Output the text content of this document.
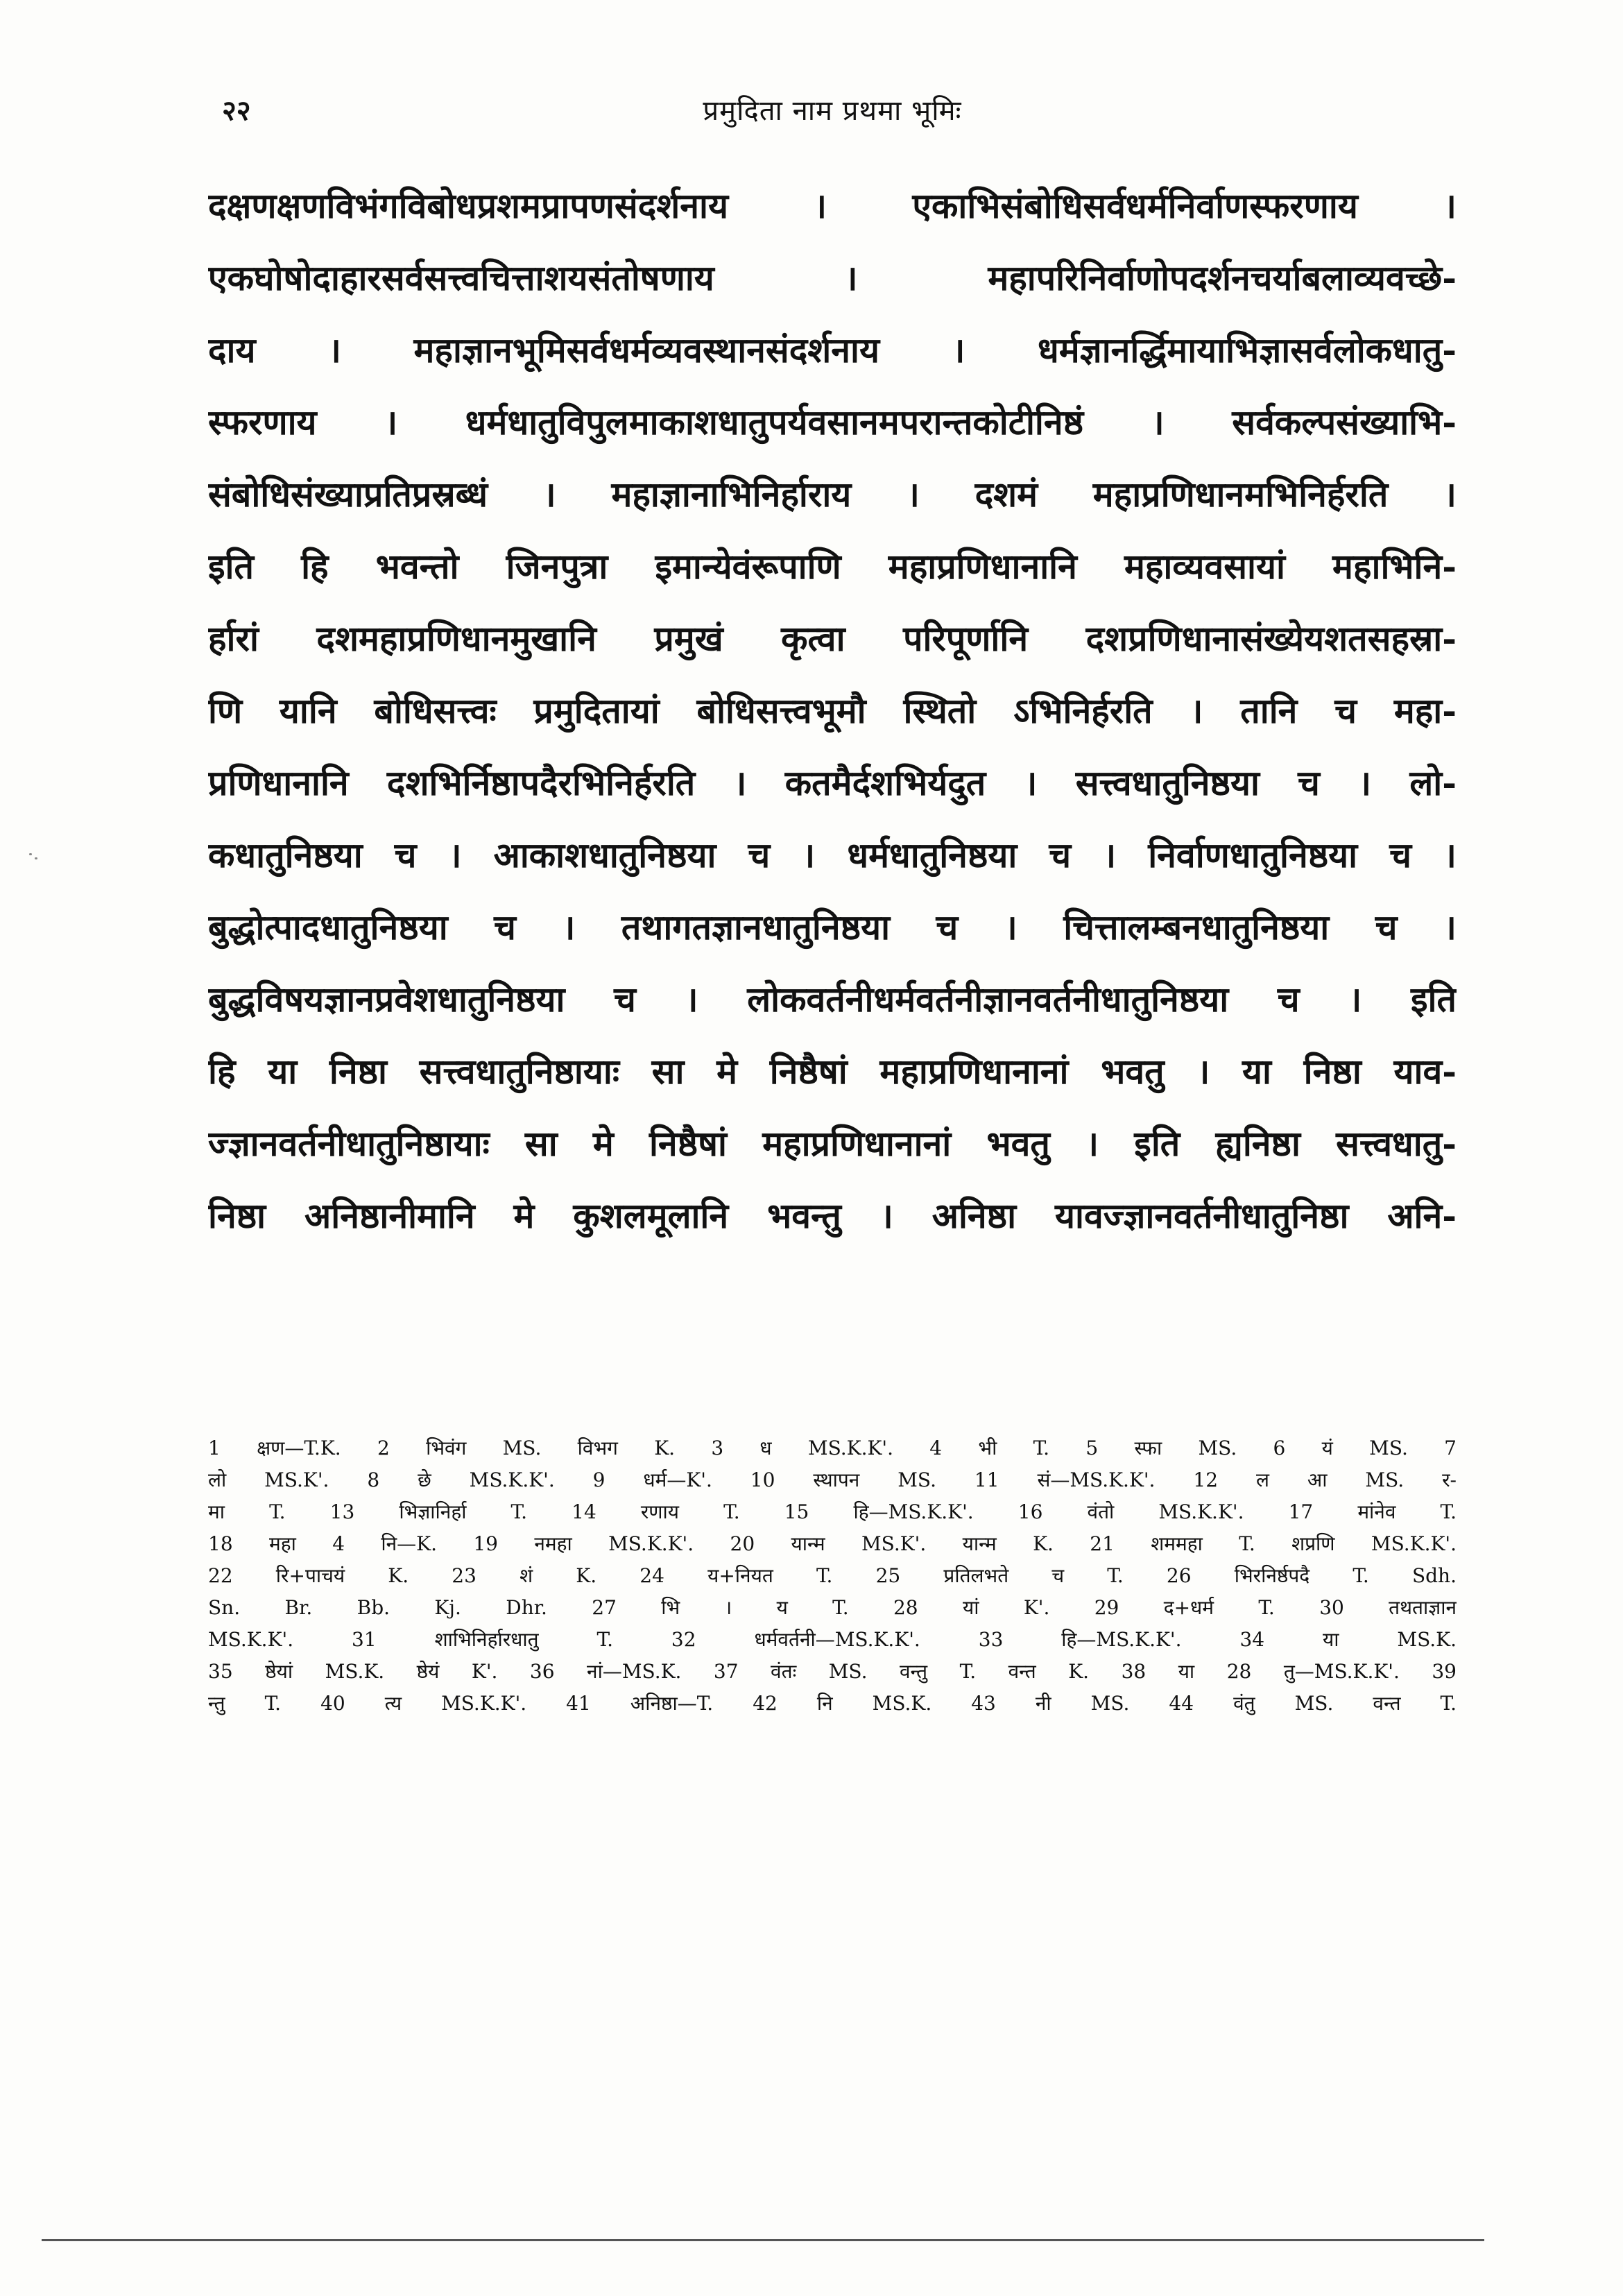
२२	प्रमुदिता नाम प्रथमा भूमिः
दक्षणक्षणविभंगविबोधप्रशमप्रापणसंदर्शनाय । एकाभिसंबोधिसर्वधर्मनिर्वाणस्फरणाय ।
एकघोषोदाहारसर्वसत्त्वचित्ताशयसंतोषणाय । महापरिनिर्वाणोपदर्शनचर्याबलाव्यवच्छे-
दाय । महाज्ञानभूमिसर्वधर्मव्यवस्थानसंदर्शनाय । धर्मज्ञानर्द्धिमायाभिज्ञासर्वलोकधातु-
स्फरणाय । धर्मधातुविपुलमाकाशधातुपर्यवसानमपरान्तकोटीनिष्ठं । सर्वकल्पसंख्याभि-
संबोधिसंख्याप्रतिप्रस्रब्धं । महाज्ञानाभिनिर्हाराय । दशमं महाप्रणिधानमभिनिर्हरति ।
इति हि भवन्तो जिनपुत्रा इमान्येवंरूपाणि महाप्रणिधानानि महाव्यवसायां महाभिनि-
र्हारां दशमहाप्रणिधानमुखानि प्रमुखं कृत्वा परिपूर्णानि दशप्रणिधानासंख्येयशतसहस्रा-
णि यानि बोधिसत्त्वः प्रमुदितायां बोधिसत्त्वभूमौ स्थितो ऽभिनिर्हरति । तानि च महा-
प्रणिधानानि दशभिर्निष्ठापदैरभिनिर्हरति । कतमैर्दशभिर्यदुत । सत्त्वधातुनिष्ठया च । लो-
कधातुनिष्ठया च । आकाशधातुनिष्ठया च । धर्मधातुनिष्ठया च । निर्वाणधातुनिष्ठया च ।
बुद्धोत्पादधातुनिष्ठया च । तथागतज्ञानधातुनिष्ठया च । चित्तालम्बनधातुनिष्ठया च ।
बुद्धविषयज्ञानप्रवेशधातुनिष्ठया च । लोकवर्तनीधर्मवर्तनीज्ञानवर्तनीधातुनिष्ठया च । इति
हि या निष्ठा सत्त्वधातुनिष्ठायाः सा मे निष्ठैषां महाप्रणिधानानां भवतु । या निष्ठा याव-
ज्ज्ञानवर्तनीधातुनिष्ठायाः सा मे निष्ठैषां महाप्रणिधानानां भवतु । इति ह्यनिष्ठा सत्त्वधातु-
निष्ठा अनिष्ठानीमानि मे कुशलमूलानि भवन्तु । अनिष्ठा यावज्ज्ञानवर्तनीधातुनिष्ठा अनि-
1 क्षण—T.K. 2 भिवंग MS. विभग K. 3 ध MS.K.K'. 4 भी T. 5 स्फा MS. 6 यं MS. 7
लो MS.K'. 8 छे MS.K.K'. 9 धर्म—K'. 10 स्थापन MS. 11 सं—MS.K.K'. 12 ल आ MS. र-
मा T. 13 भिज्ञानिर्हा T. 14 रणाय T. 15 हि—MS.K.K'. 16 वंतो MS.K.K'. 17 मांनेव T.
18 महा 4 नि—K. 19 नमहा MS.K.K'. 20 यान्म MS.K'. यान्म K. 21 शममहा T. शप्रणि MS.K.K'.
22 रि+पाचयं K. 23 शं K. 24 य+नियत T. 25 प्रतिलभते च T. 26 भिरनिर्ष्ठपदै T. Sdh.
Sn. Br. Bb. Kj. Dhr. 27 भि । य T. 28 यां K'. 29 द+धर्म T. 30 तथताज्ञान
MS.K.K'. 31 शाभिनिर्हारधातु T. 32 धर्मवर्तनी—MS.K.K'. 33 हि—MS.K.K'. 34 या MS.K.
35 ष्ठेयां MS.K. ष्ठेयं K'. 36 नां—MS.K. 37 वंतः MS. वन्तु T. वन्त K. 38 या 28 तु—MS.K.K'. 39
न्तु T. 40 त्य MS.K.K'. 41 अनिष्ठा—T. 42 नि MS.K. 43 नी MS. 44 वंतु MS. वन्त T.
